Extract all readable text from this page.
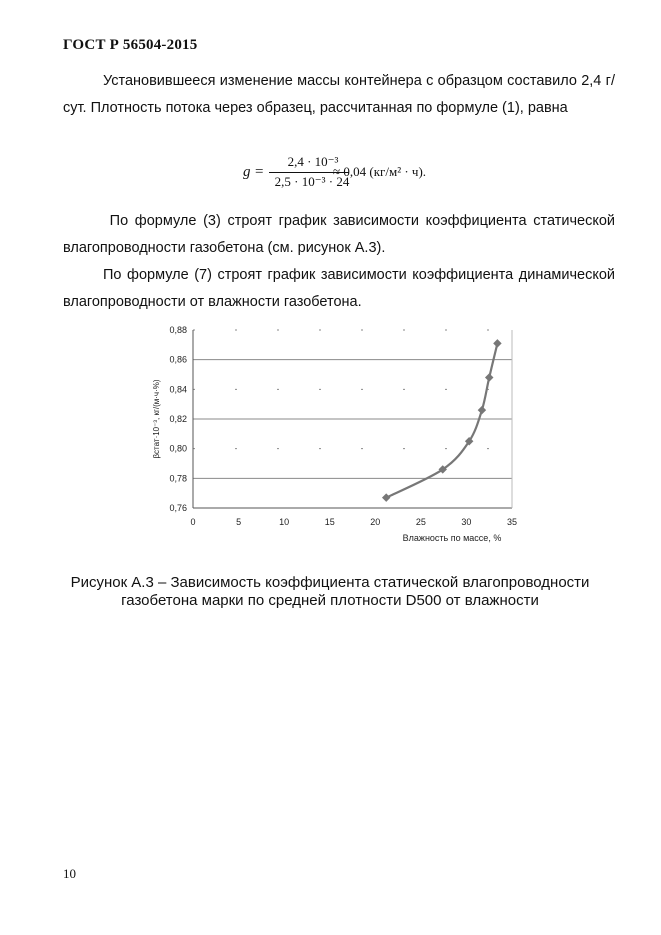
ГОСТ Р 56504-2015

Установившееся изменение массы контейнера с образцом составило 2,4 г/сут. Плотность потока через образец, рассчитанная по формуле (1), равна

g =
2,4 · 10⁻³
2,5 · 10⁻³ · 24
≈ 0,04 (кг/м² · ч).

По формуле (3) строят график зависимости коэффициента статической влагопроводности газобетона (см. рисунок А.3).

По формуле (7) строят график зависимости коэффициента динамической влагопроводности от влажности газобетона.

0,76
0,78
0,80
0,82
0,84
0,86
0,88
0	5	10	15	20	25	30	35
Влажность по массе, %
βстат·10⁻³, кг/(м·ч·%)

Рисунок А.3 – Зависимость коэффициента статической влагопроводности
газобетона марки по средней плотности D500 от влажности

10
